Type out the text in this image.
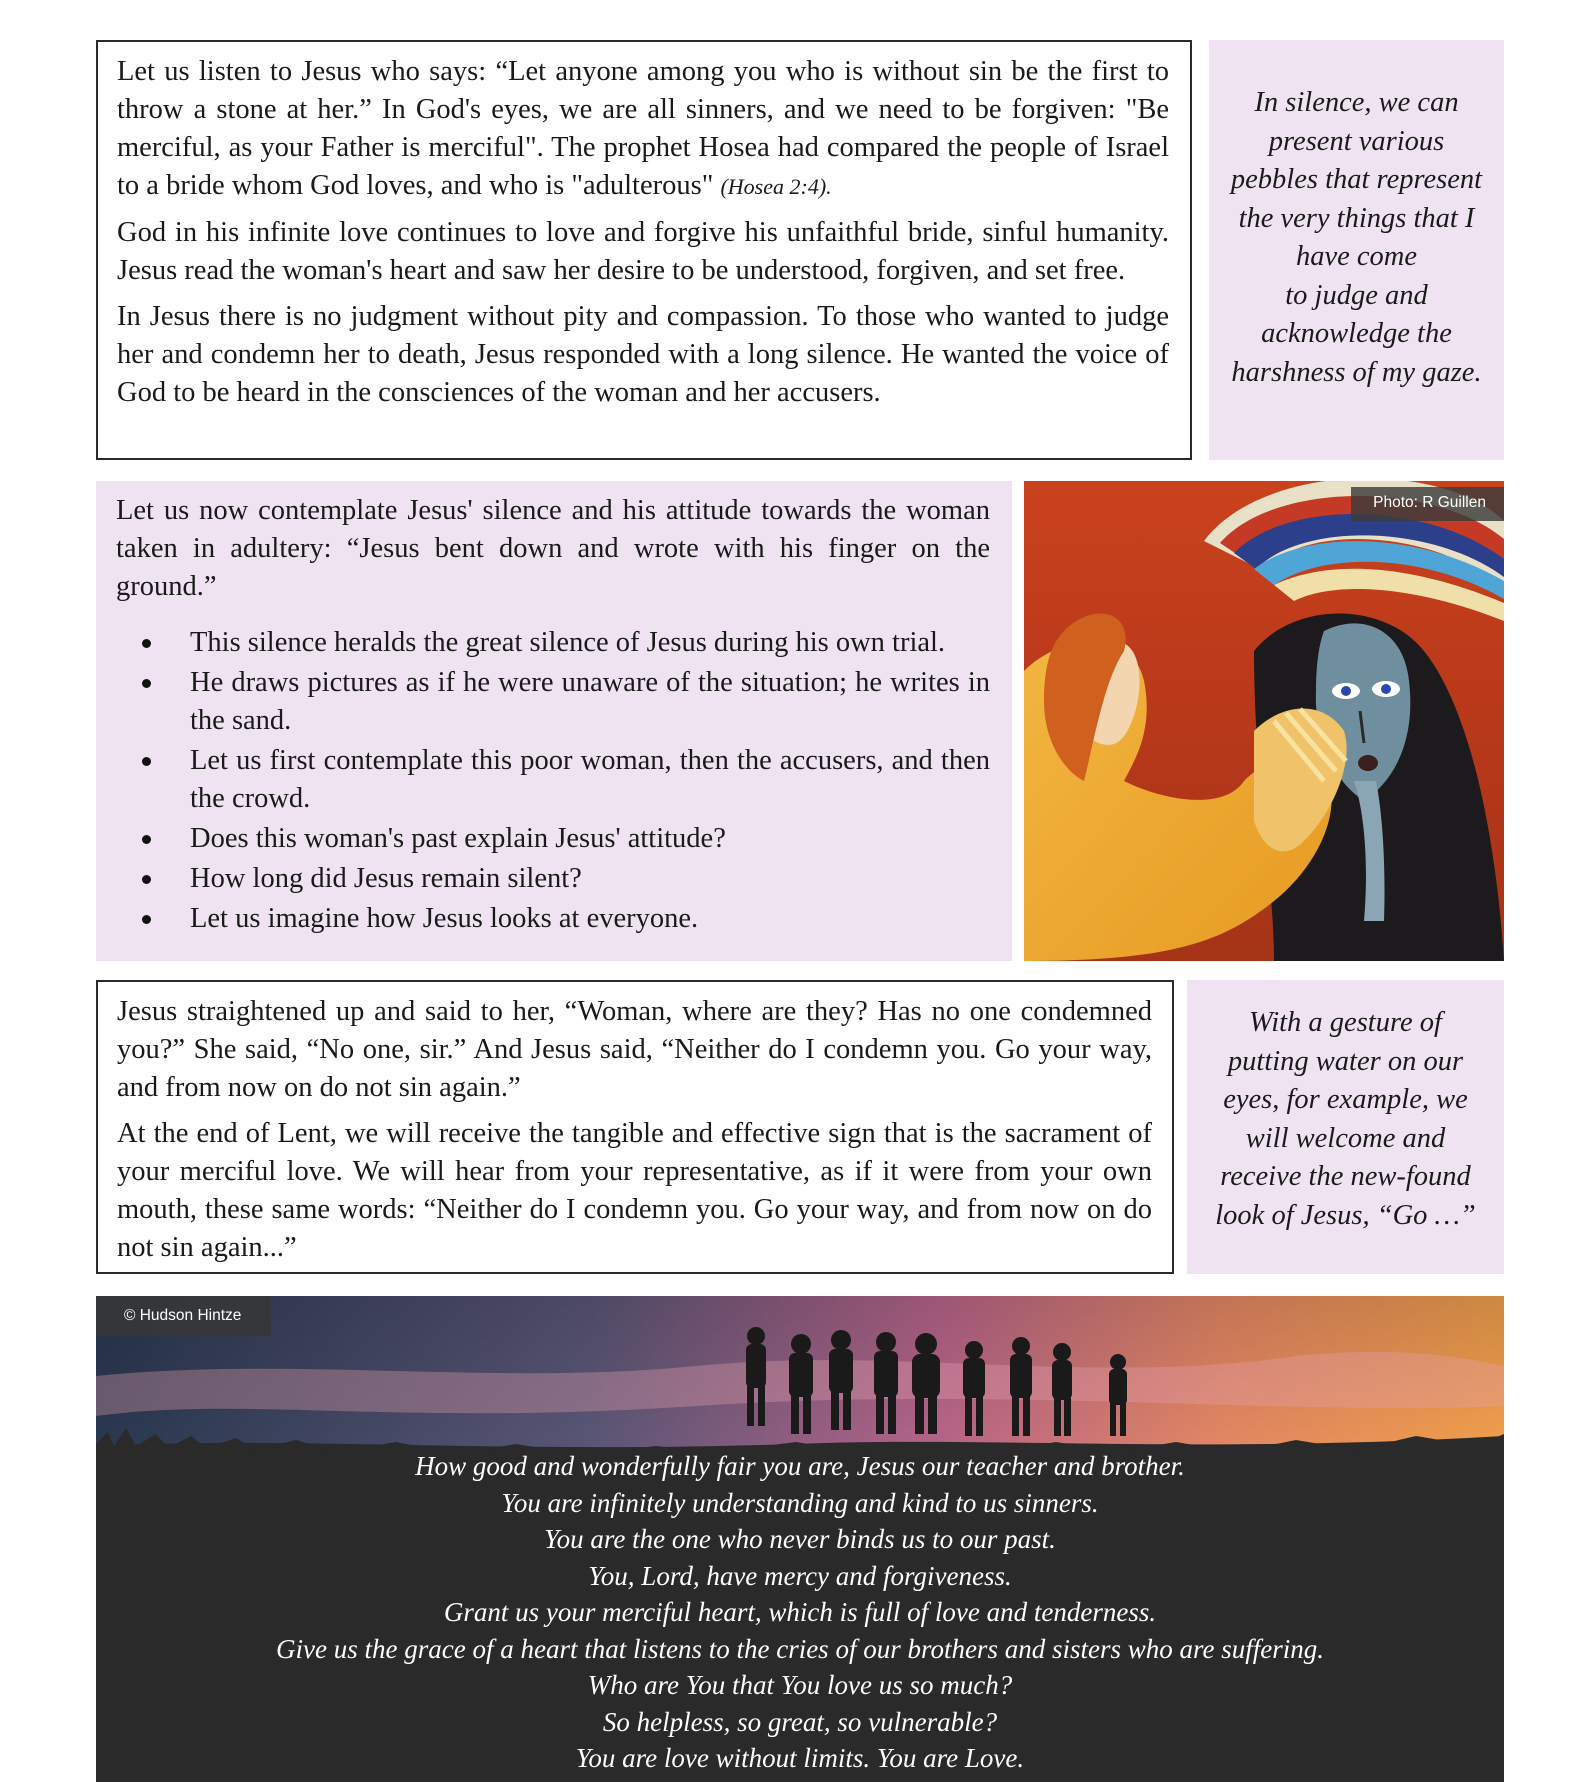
Let us listen to Jesus who says: “Let anyone among you who is without sin be the first to throw a stone at her.” In God's eyes, we are all sinners, and we need to be forgiven: "Be merciful, as your Father is merciful". The prophet Hosea had compared the people of Israel to a bride whom God loves, and who is "adulterous" (Hosea 2:4).

God in his infinite love continues to love and forgive his unfaithful bride, sinful humanity. Jesus read the woman's heart and saw her desire to be understood, forgiven, and set free.

In Jesus there is no judgment without pity and compassion. To those who wanted to judge her and condemn her to death, Jesus responded with a long silence. He wanted the voice of God to be heard in the consciences of the woman and her accusers.

In silence, we can
present various
pebbles that represent
the very things that I
have come
to judge and
acknowledge the
harshness of my gaze.

Let us now contemplate Jesus' silence and his attitude towards the woman taken in adultery: “Jesus bent down and wrote with his finger on the ground.”

This silence heralds the great silence of Jesus during his own trial.
He draws pictures as if he were unaware of the situation; he writes in the sand.
Let us first contemplate this poor woman, then the accusers, and then the crowd.
Does this woman's past explain Jesus' attitude?
How long did Jesus remain silent?
Let us imagine how Jesus looks at everyone.
Photo: R Guillen

Jesus straightened up and said to her, “Woman, where are they? Has no one condemned you?” She said, “No one, sir.” And Jesus said, “Neither do I condemn you. Go your way, and from now on do not sin again.”

At the end of Lent, we will receive the tangible and effective sign that is the sacrament of your merciful love. We will hear from your representative, as if it were from your own mouth, these same words: “Neither do I condemn you. Go your way, and from now on do not sin again...”

With a gesture of
putting water on our
eyes, for example, we
will welcome and
receive the new-found
look of Jesus, “Go …”
© Hudson Hintze
How good and wonderfully fair you are, Jesus our teacher and brother.
You are infinitely understanding and kind to us sinners.
You are the one who never binds us to our past.
You, Lord, have mercy and forgiveness.
Grant us your merciful heart, which is full of love and tenderness.
Give us the grace of a heart that listens to the cries of our brothers and sisters who are suffering.
Who are You that You love us so much?
So helpless, so great, so vulnerable?
You are love without limits. You are Love.
